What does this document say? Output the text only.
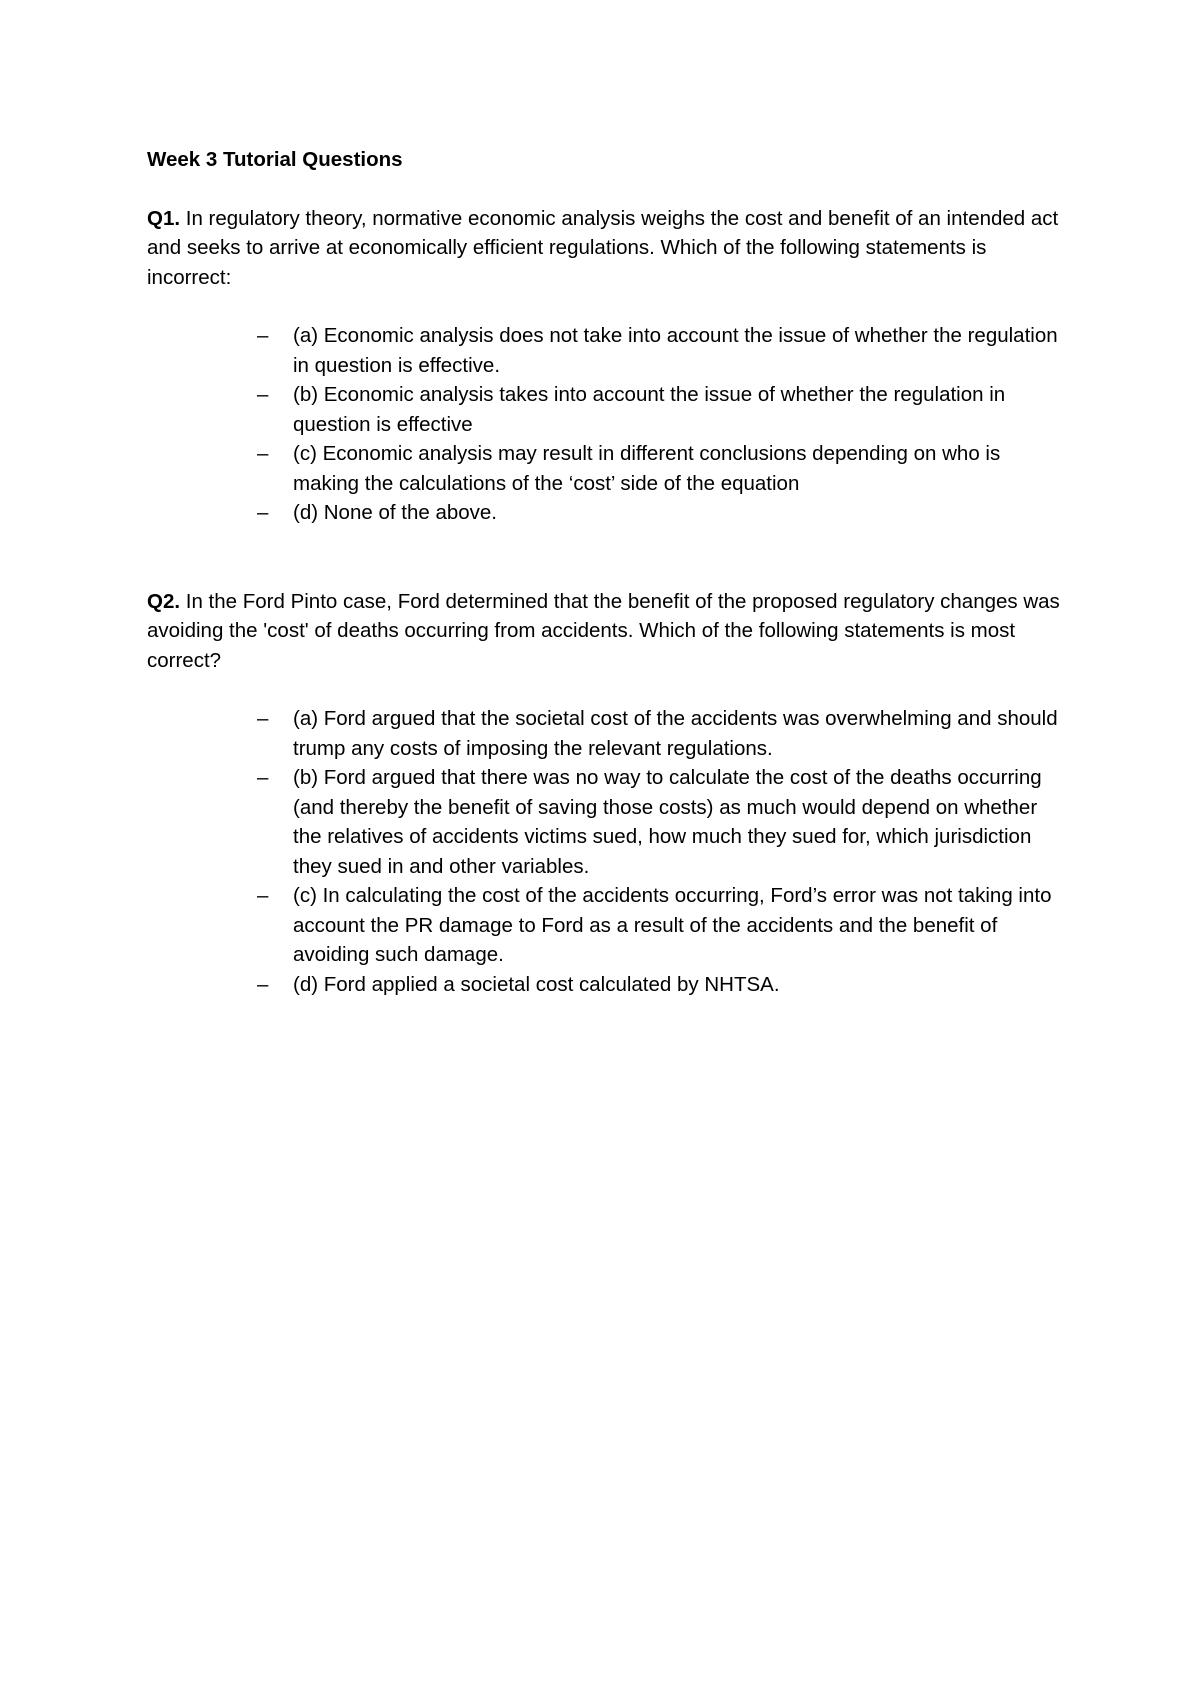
Week 3 Tutorial Questions

Q1. In regulatory theory, normative economic analysis weighs the cost and benefit of an intended act and seeks to arrive at economically efficient regulations. Which of the following statements is incorrect:

– (a) Economic analysis does not take into account the issue of whether the regulation in question is effective.
– (b) Economic analysis takes into account the issue of whether the regulation in question is effective
– (c) Economic analysis may result in different conclusions depending on who is making the calculations of the ‘cost’ side of the equation
– (d) None of the above.

Q2. In the Ford Pinto case, Ford determined that the benefit of the proposed regulatory changes was avoiding the 'cost' of deaths occurring from accidents. Which of the following statements is most correct?

– (a) Ford argued that the societal cost of the accidents was overwhelming and should trump any costs of imposing the relevant regulations.
– (b) Ford argued that there was no way to calculate the cost of the deaths occurring (and thereby the benefit of saving those costs) as much would depend on whether the relatives of accidents victims sued, how much they sued for, which jurisdiction they sued in and other variables.
– (c) In calculating the cost of the accidents occurring, Ford’s error was not taking into account the PR damage to Ford as a result of the accidents and the benefit of avoiding such damage.
– (d) Ford applied a societal cost calculated by NHTSA.
